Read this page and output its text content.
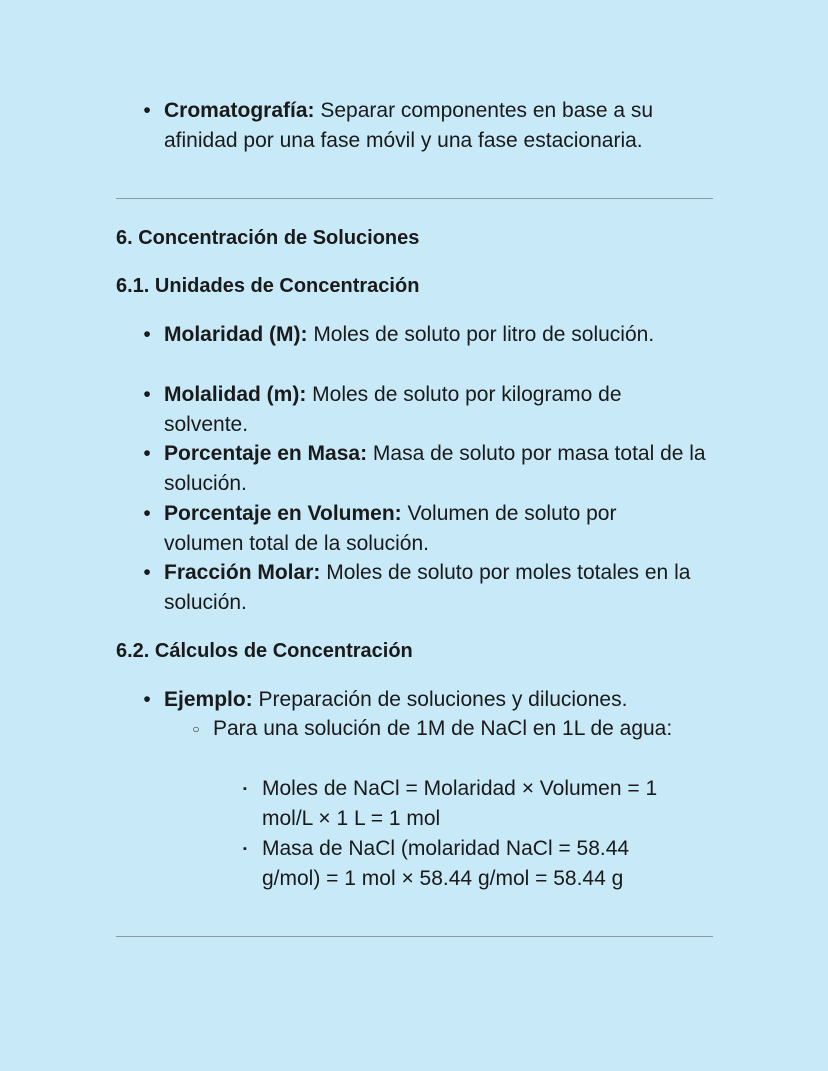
• Cromatografía: Separar componentes en base a su afinidad por una fase móvil y una fase estacionaria.
6. Concentración de Soluciones
6.1. Unidades de Concentración
• Molaridad (M): Moles de soluto por litro de solución.
• Molalidad (m): Moles de soluto por kilogramo de solvente.
• Porcentaje en Masa: Masa de soluto por masa total de la solución.
• Porcentaje en Volumen: Volumen de soluto por volumen total de la solución.
• Fracción Molar: Moles de soluto por moles totales en la solución.
6.2. Cálculos de Concentración
• Ejemplo: Preparación de soluciones y diluciones.
○ Para una solución de 1M de NaCl en 1L de agua:
▪ Moles de NaCl = Molaridad × Volumen = 1 mol/L × 1 L = 1 mol
▪ Masa de NaCl (molaridad NaCl = 58.44 g/mol) = 1 mol × 58.44 g/mol = 58.44 g
